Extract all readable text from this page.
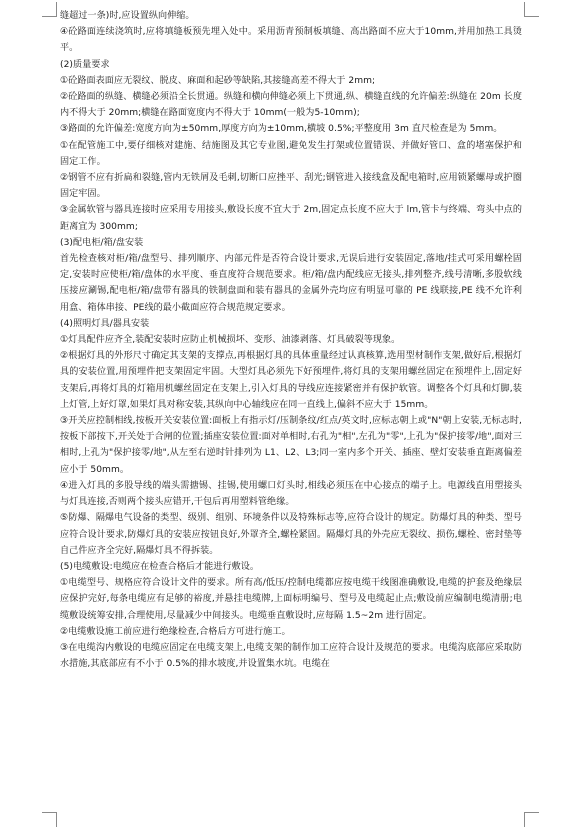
缝超过一条)时,应设置纵向伸缩。

④砼路面连续浇筑时,应将填缝板预先埋入处中。采用沥青预制板填缝、高出路面不应大于10mm,并用加热工具烫平。

(2)质量要求

①砼路面表面应无裂纹、脱皮、麻面和起砂等缺陷,其接缝高差不得大于 2mm;

②砼路面的纵缝、横缝必须沿全长贯通。纵缝和横向伸缝必须上下贯通,纵、横缝直线的允许偏差:纵缝在 20m 长度内不得大于 20mm;横缝在路面宽度内不得大于 10mm(一般为5-10mm);

③路面的允许偏差:宽度方向为±50mm,厚度方向为±10mm,横坡 0.5%;平整度用 3m 直尺检查是为 5mm。

①在配管施工中,要仔细核对建施、结施图及其它专业图,避免发生打架或位置错误、并做好管口、盒的堵塞保护和固定工作。

②钢管不应有折扁和裂缝,管内无铁屑及毛刺,切断口应挫平、刮光;钢管进入接线盒及配电箱时,应用锁紧螺母或护圈固定牢固。

③金属软管与器具连接时应采用专用接头,敷设长度不宜大于 2m,固定点长度不应大于 lm,管卡与终端、弯头中点的距离宜为 300mm;

(3)配电柜/箱/盘安装

首先检查核对柜/箱/盘型号、排列顺序、内部元件是否符合设计要求,无误后进行安装固定,落地/挂式可采用螺栓固定,安装时应使柜/箱/盘体的水平度、垂直度符合规范要求。柜/箱/盘内配线应无接头,排列整齐,线号清晰,多股软线压接应涮锡,配电柜/箱/盘带有器具的铁制盘面和装有器具的金属外壳均应有明显可靠的 PE 线联接,PE 线不允许利用盒、箱体串接、PE线的最小截面应符合规范规定要求。

(4)照明灯具/器具安装

①灯具配件应齐全,装配安装时应防止机械损坏、变形、油漆剥落、灯具破裂等现象。

②根据灯具的外形尺寸确定其支架的支撑点,再根据灯具的具体重量经过认真核算,选用型材制作支架,做好后,根据灯具的安装位置,用预埋件把支架固定牢固。大型灯具必须先下好预埋件,将灯具的支架用螺丝固定在预埋件上,固定好支架后,再将灯具的灯箱用机螺丝固定在支架上,引入灯具的导线应连接紧密并有保护软管。调整各个灯具和灯脚,装上灯管,上好灯罩,如果灯具对称安装,其纵向中心轴线应在同一直线上,偏斜不应大于 15mm。

③开关应控制相线,按板开关安装位置:面板上有指示灯/压制条纹/红点/英文时,应标志朝上或"N"朝上安装,无标志时,按板下部按下,开关处于合闸的位置;插座安装位置:面对单相时,右孔为"相",左孔为"零",上孔为"保护接零/地",面对三相时,上孔为"保护接零/地",从左至右逆时针排列为 L1、L2、L3;同一室内多个开关、插座、壁灯安装垂直距离偏差应小于 50mm。

④进入灯具的多股导线的端头需搪锡、挂锡,使用螺口灯头时,相线必须压在中心接点的端子上。电源线直用塑接头与灯具连接,否则两个接头应错开,干包后再用塑料管绝缘。

⑤防爆、隔爆电气设备的类型、级别、组别、环境条件以及特殊标志等,应符合设计的规定。防爆灯具的种类、型号应符合设计要求,防爆灯具的安装应按钮良好,外罩齐全,螺栓紧固。隔爆灯具的外壳应无裂纹、损伤,螺栓、密封垫等自己件应齐全完好,隔爆灯具不得拆装。

(5)电缆敷设:电缆应在检查合格后才能进行敷设。

①电缆型号、规格应符合设计文件的要求。所有高/低压/控制电缆都应按电缆干线图准确敷设,电缆的护套及绝缘层应保护完好,每条电缆应有足够的裕度,并悬挂电缆牌,上面标明编号、型号及电缆起止点;敷设前应编制电缆清册;电缆敷设统筹安排,合理使用,尽量减少中间接头。电缆垂直敷设时,应每隔 1.5~2m 进行固定。

②电缆敷设施工前应进行绝缘检查,合格后方可进行施工。

③在电缆沟内敷设的电缆应固定在电缆支架上,电缆支架的制作加工应符合设计及规范的要求。电缆沟底部应采取防水措施,其底部应有不小于 0.5%的排水坡度,并设置集水坑。电缆在
